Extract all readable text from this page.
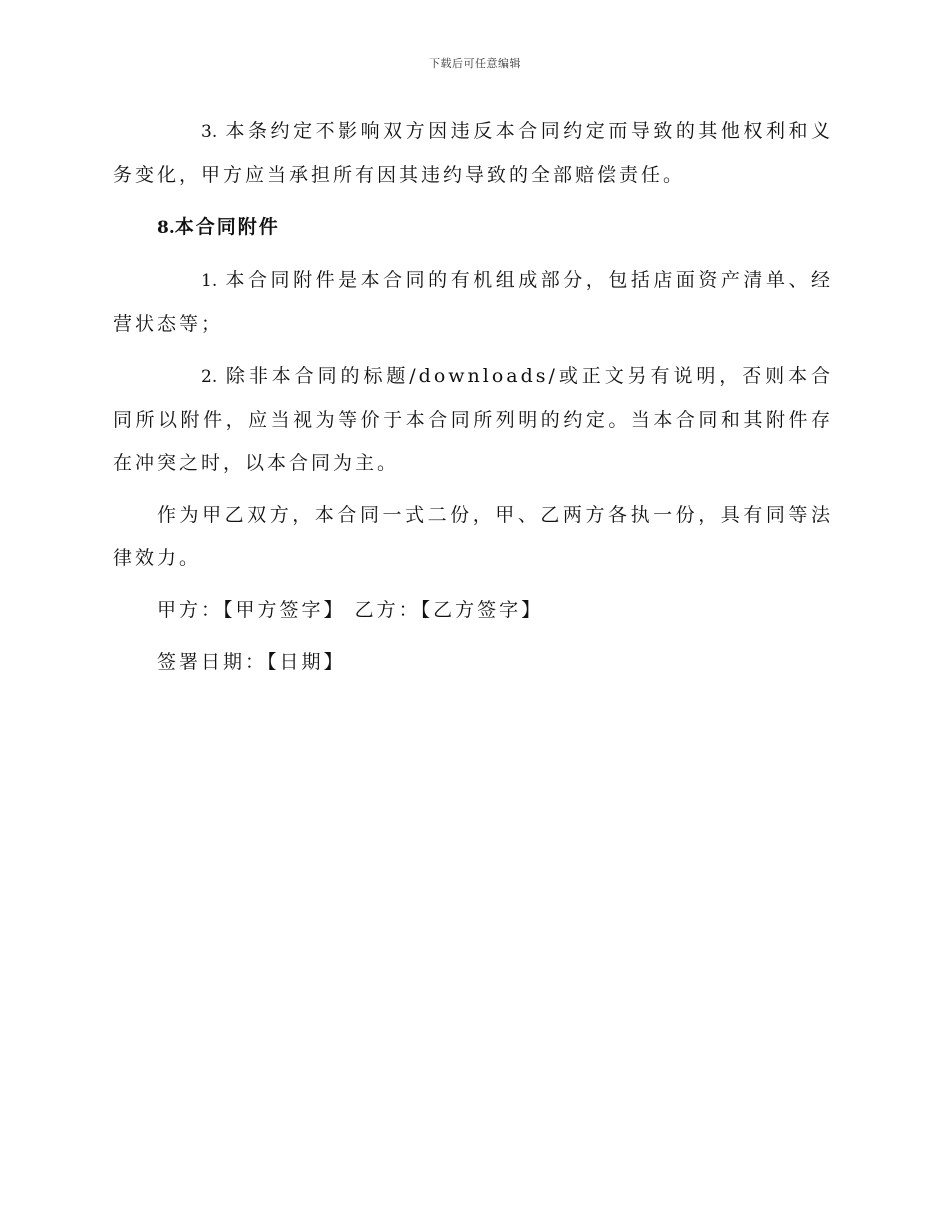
下载后可任意编辑

3. 本条约定不影响双方因违反本合同约定而导致的其他权利和义务变化，甲方应当承担所有因其违约导致的全部赔偿责任。

8.本合同附件

1. 本合同附件是本合同的有机组成部分，包括店面资产清单、经营状态等；

2. 除非本合同的标题/downloads/或正文另有说明，否则本合同所以附件，应当视为等价于本合同所列明的约定。当本合同和其附件存在冲突之时，以本合同为主。

作为甲乙双方，本合同一式二份，甲、乙两方各执一份，具有同等法律效力。

甲方：【甲方签字】 乙方：【乙方签字】
签署日期：【日期】
